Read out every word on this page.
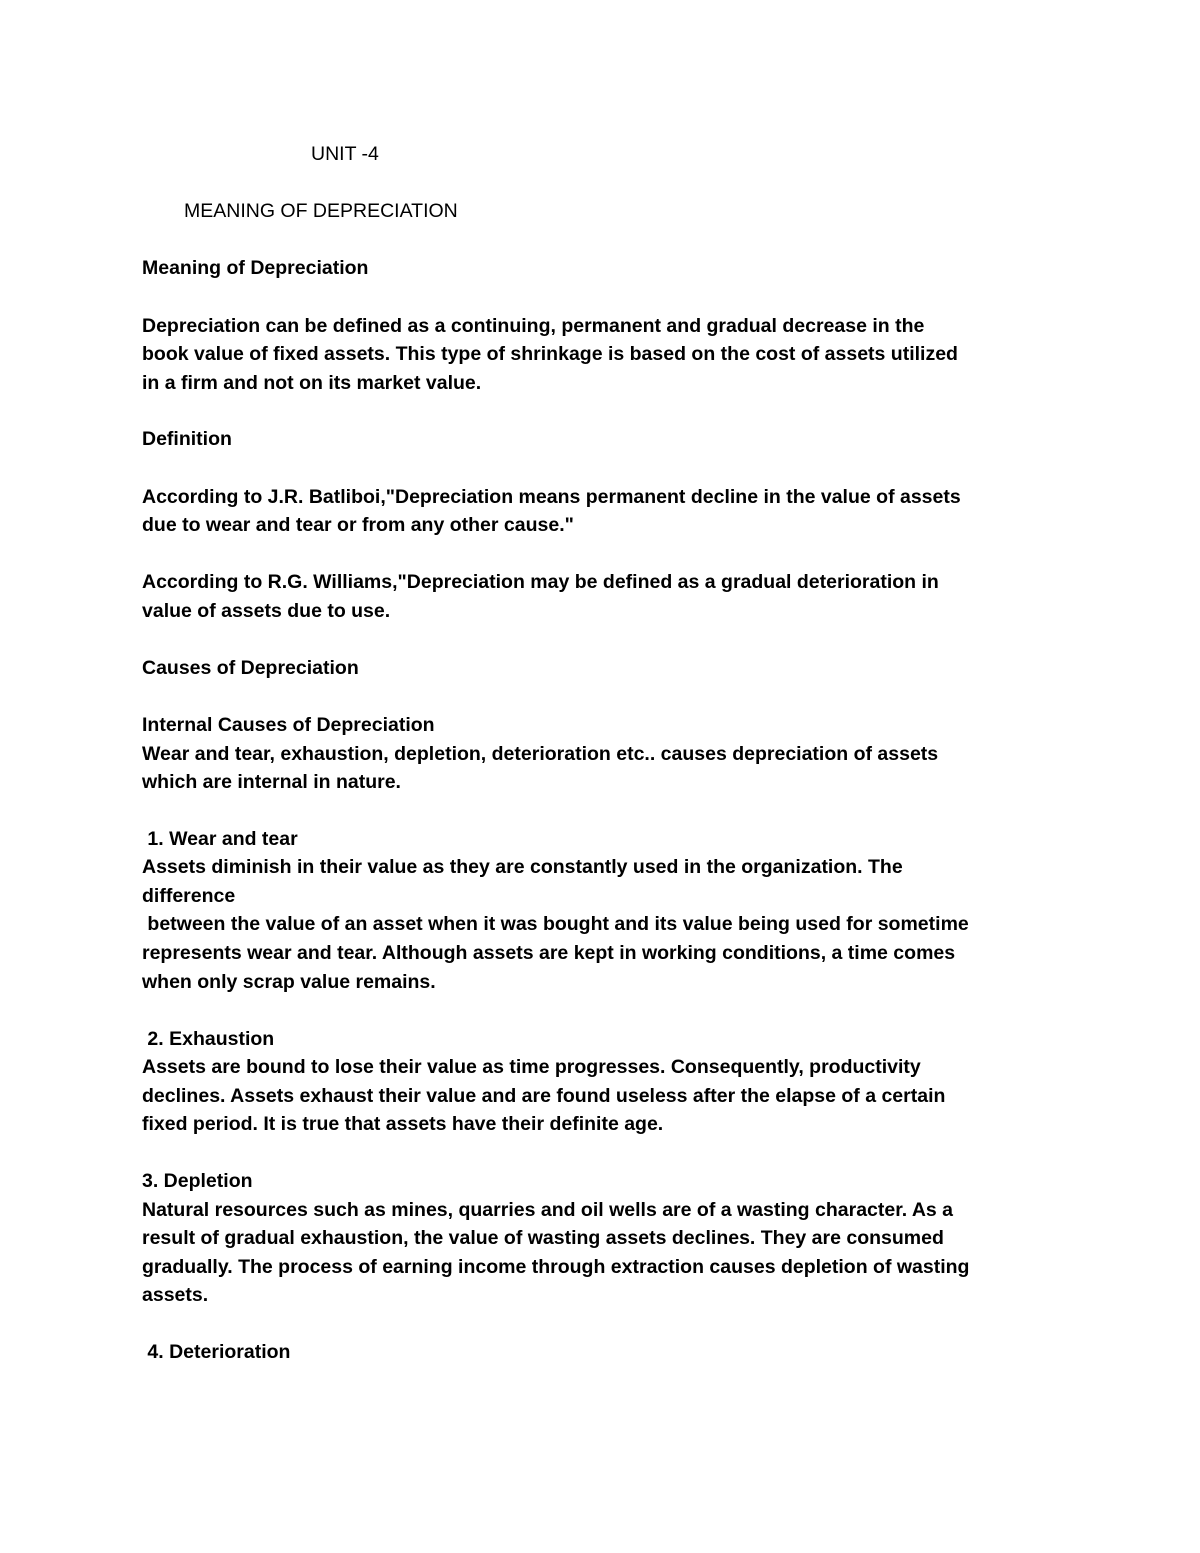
UNIT -4
MEANING OF DEPRECIATION
Meaning of Depreciation
Depreciation can be defined as a continuing, permanent and gradual decrease in the
book value of fixed assets. This type of shrinkage is based on the cost of assets utilized
in a firm and not on its market value.
Definition
According to J.R. Batliboi,"Depreciation means permanent decline in the value of assets
due to wear and tear or from any other cause."
According to R.G. Williams,"Depreciation may be defined as a gradual deterioration in
value of assets due to use.
Causes of Depreciation
Internal Causes of Depreciation
Wear and tear, exhaustion, depletion, deterioration etc.. causes depreciation of assets
which are internal in nature.
1. Wear and tear
Assets diminish in their value as they are constantly used in the organization. The
difference
between the value of an asset when it was bought and its value being used for sometime
represents wear and tear. Although assets are kept in working conditions, a time comes
when only scrap value remains.
2. Exhaustion
Assets are bound to lose their value as time progresses. Consequently, productivity
declines. Assets exhaust their value and are found useless after the elapse of a certain
fixed period. It is true that assets have their definite age.
3. Depletion
Natural resources such as mines, quarries and oil wells are of a wasting character. As a
result of gradual exhaustion, the value of wasting assets declines. They are consumed
gradually. The process of earning income through extraction causes depletion of wasting
assets.
4. Deterioration
